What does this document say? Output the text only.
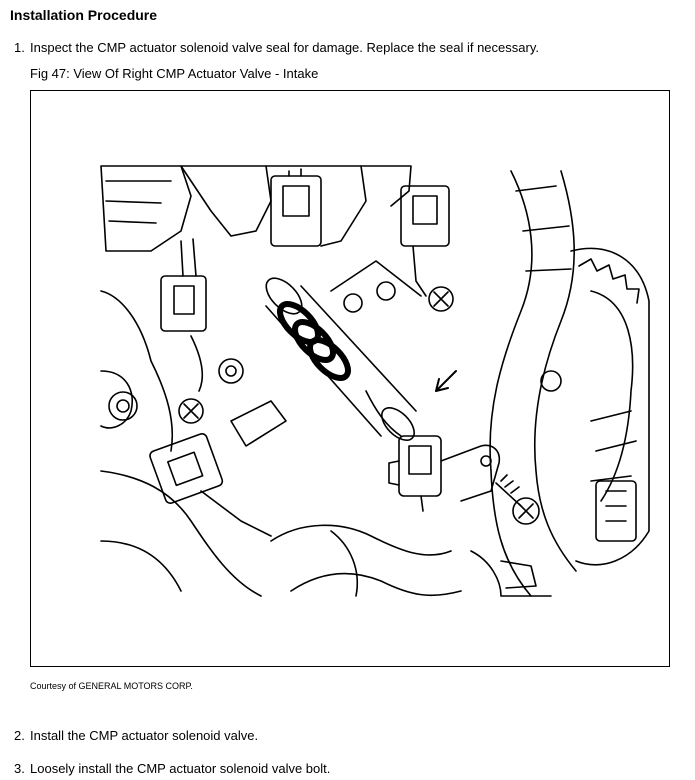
Installation Procedure
1. Inspect the CMP actuator solenoid valve seal for damage. Replace the seal if necessary.
Fig 47: View Of Right CMP Actuator Valve - Intake
Courtesy of GENERAL MOTORS CORP.
2. Install the CMP actuator solenoid valve.
3. Loosely install the CMP actuator solenoid valve bolt.
